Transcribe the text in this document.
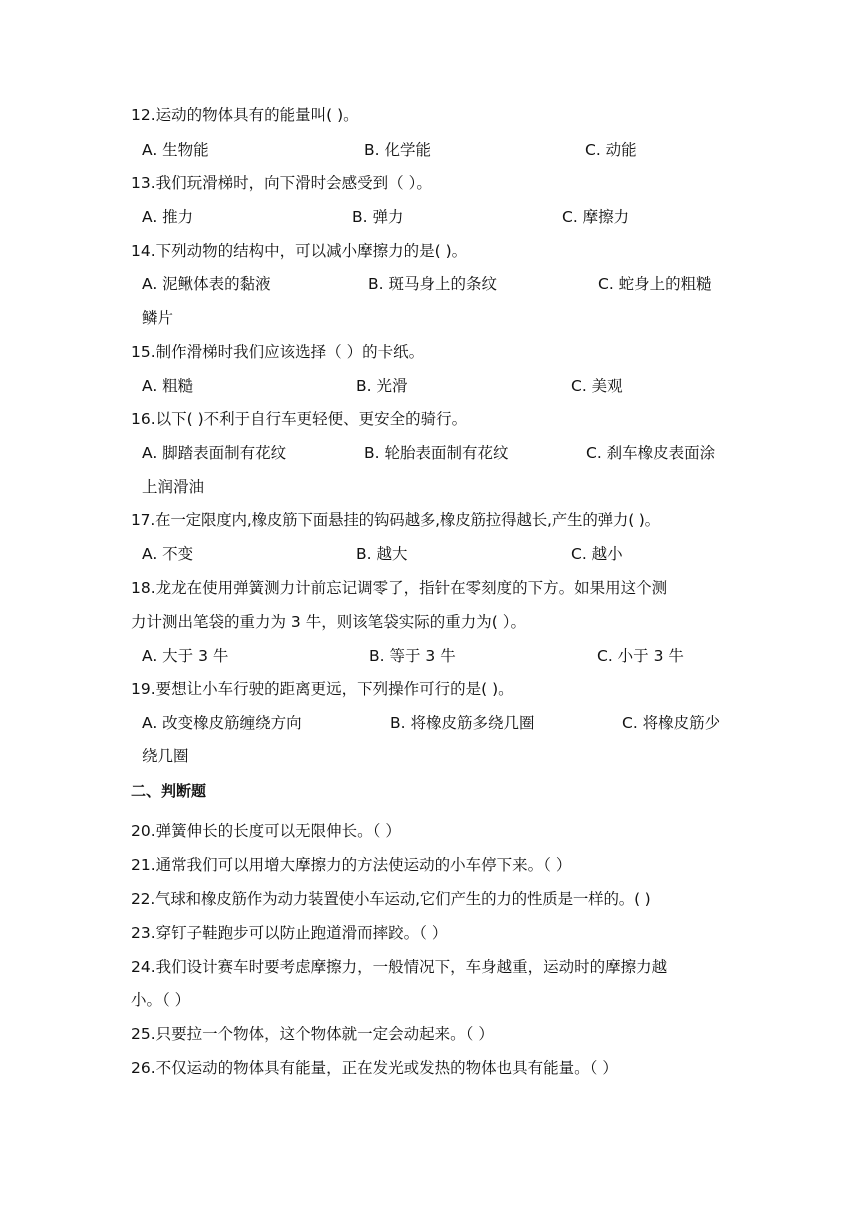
12.运动的物体具有的能量叫( )。
A. 生物能	B. 化学能	C. 动能
13.我们玩滑梯时，向下滑时会感受到（ ）。
A. 推力	B. 弹力	C. 摩擦力
14.下列动物的结构中，可以减小摩擦力的是( )。
A. 泥鳅体表的黏液	B. 斑马身上的条纹	C. 蛇身上的粗糙
鳞片
15.制作滑梯时我们应该选择（ ）的卡纸。
A. 粗糙	B. 光滑	C. 美观
16.以下( )不利于自行车更轻便、更安全的骑行。
A. 脚踏表面制有花纹	B. 轮胎表面制有花纹	C. 刹车橡皮表面涂
上润滑油
17.在一定限度内,橡皮筋下面悬挂的钩码越多,橡皮筋拉得越长,产生的弹力( )。
A. 不变	B. 越大	C. 越小
18.龙龙在使用弹簧测力计前忘记调零了，指针在零刻度的下方。如果用这个测
力计测出笔袋的重力为 3 牛，则该笔袋实际的重力为( ）。
A. 大于 3 牛	B. 等于 3 牛	C. 小于 3 牛
19.要想让小车行驶的距离更远，下列操作可行的是( )。
A. 改变橡皮筋缠绕方向	B. 将橡皮筋多绕几圈	C. 将橡皮筋少
绕几圈
二、判断题
20.弹簧伸长的长度可以无限伸长。（ ）
21.通常我们可以用增大摩擦力的方法使运动的小车停下来。（ ）
22.气球和橡皮筋作为动力装置使小车运动,它们产生的力的性质是一样的。( )
23.穿钉子鞋跑步可以防止跑道滑而摔跤。（ ）
24.我们设计赛车时要考虑摩擦力，一般情况下，车身越重，运动时的摩擦力越
小。（ ）
25.只要拉一个物体，这个物体就一定会动起来。（ ）
26.不仅运动的物体具有能量，正在发光或发热的物体也具有能量。（ ）
